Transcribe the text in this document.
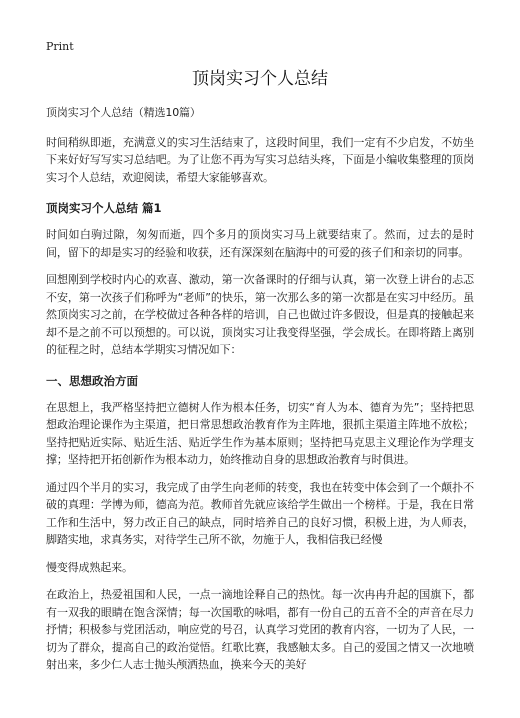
Print
顶岗实习个人总结

顶岗实习个人总结（精选10篇）

时间稍纵即逝，充满意义的实习生活结束了，这段时间里，我们一定有不少启发，不妨坐下来好好写写实习总结吧。为了让您不再为写实习总结头疼，下面是小编收集整理的顶岗实习个人总结，欢迎阅读，希望大家能够喜欢。

顶岗实习个人总结 篇1

时间如白驹过隙，匆匆而逝，四个多月的顶岗实习马上就要结束了。然而，过去的是时间，留下的却是实习的经验和收获，还有深深刻在脑海中的可爱的孩子们和亲切的同事。

回想刚到学校时内心的欢喜、激动，第一次备课时的仔细与认真，第一次登上讲台的忐忑不安，第一次孩子们称呼为“老师”的快乐，第一次那么多的第一次都是在实习中经历。虽然顶岗实习之前，在学校做过各种各样的培训，自己也做过许多假设，但是真的接触起来却不是之前不可以预想的。可以说，顶岗实习让我变得坚强，学会成长。在即将踏上离别的征程之时，总结本学期实习情况如下：

一、思想政治方面

在思想上，我严格坚持把立德树人作为根本任务，切实“育人为本、德育为先”；坚持把思想政治理论课作为主渠道，把日常思想政治教育作为主阵地，狠抓主渠道主阵地不放松；坚持把贴近实际、贴近生活、贴近学生作为基本原则；坚持把马克思主义理论作为学理支撑；坚持把开拓创新作为根本动力，始终推动自身的思想政治教育与时俱进。

通过四个半月的实习，我完成了由学生向老师的转变，我也在转变中体会到了一个颠扑不破的真理：学博为师，德高为范。教师首先就应该给学生做出一个榜样。于是，我在日常工作和生活中，努力改正自己的缺点，同时培养自己的良好习惯，积极上进，为人师表，脚踏实地，求真务实，对待学生己所不欲，勿施于人，我相信我已经慢

慢变得成熟起来。

在政治上，热爱祖国和人民，一点一滴地诠释自己的热忱。每一次冉冉升起的国旗下，都有一双我的眼睛在饱含深情；每一次国歌的咏唱，都有一份自己的五音不全的声音在尽力抒情；积极参与党团活动，响应党的号召，认真学习党团的教育内容，一切为了人民，一切为了群众，提高自己的政治觉悟。红歌比赛，我感触太多。自己的爱国之情又一次地喷射出来，多少仁人志士抛头颅洒热血，换来今天的美好
